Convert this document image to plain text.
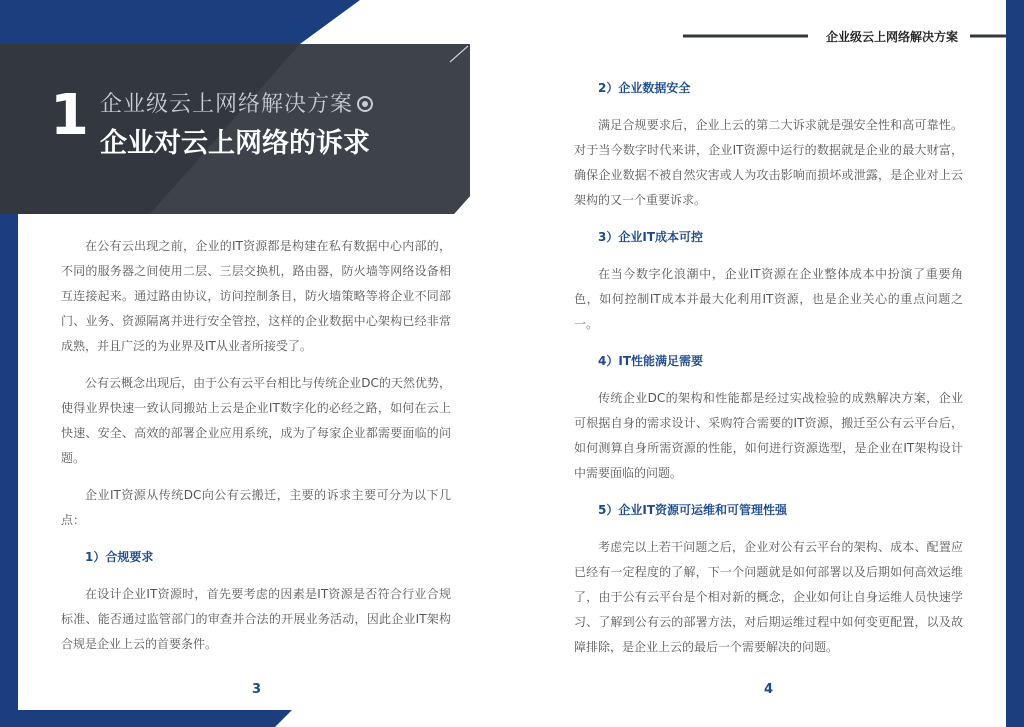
1 企业级云上网络解决方案
企业对云上网络的诉求
企业级云上网络解决方案

在公有云出现之前，企业的IT资源都是构建在私有数据中心内部的，不同的服务器之间使用二层、三层交换机，路由器，防火墙等网络设备相互连接起来。通过路由协议，访问控制条目，防火墙策略等将企业不同部门、业务、资源隔离并进行安全管控，这样的企业数据中心架构已经非常成熟，并且广泛的为业界及IT从业者所接受了。

公有云概念出现后，由于公有云平台相比与传统企业DC的天然优势，使得业界快速一致认同搬站上云是企业IT数字化的必经之路，如何在云上快速、安全、高效的部署企业应用系统，成为了每家企业都需要面临的问题。

企业IT资源从传统DC向公有云搬迁，主要的诉求主要可分为以下几点：

1）合规要求

在设计企业IT资源时，首先要考虑的因素是IT资源是否符合行业合规标准、能否通过监管部门的审查并合法的开展业务活动，因此企业IT架构合规是企业上云的首要条件。

2）企业数据安全

满足合规要求后，企业上云的第二大诉求就是强安全性和高可靠性。对于当今数字时代来讲，企业IT资源中运行的数据就是企业的最大财富，确保企业数据不被自然灾害或人为攻击影响而损坏或泄露，是企业对上云架构的又一个重要诉求。

3）企业IT成本可控

在当今数字化浪潮中，企业IT资源在企业整体成本中扮演了重要角色，如何控制IT成本并最大化利用IT资源，也是企业关心的重点问题之一。

4）IT性能满足需要

传统企业DC的架构和性能都是经过实战检验的成熟解决方案，企业可根据自身的需求设计、采购符合需要的IT资源，搬迁至公有云平台后，如何测算自身所需资源的性能，如何进行资源选型，是企业在IT架构设计中需要面临的问题。

5）企业IT资源可运维和可管理性强

考虑完以上若干问题之后，企业对公有云平台的架构、成本、配置应已经有一定程度的了解，下一个问题就是如何部署以及后期如何高效运维了，由于公有云平台是个相对新的概念，企业如何让自身运维人员快速学习、了解到公有云的部署方法，对后期运维过程中如何变更配置，以及故障排除，是企业上云的最后一个需要解决的问题。

3	4
